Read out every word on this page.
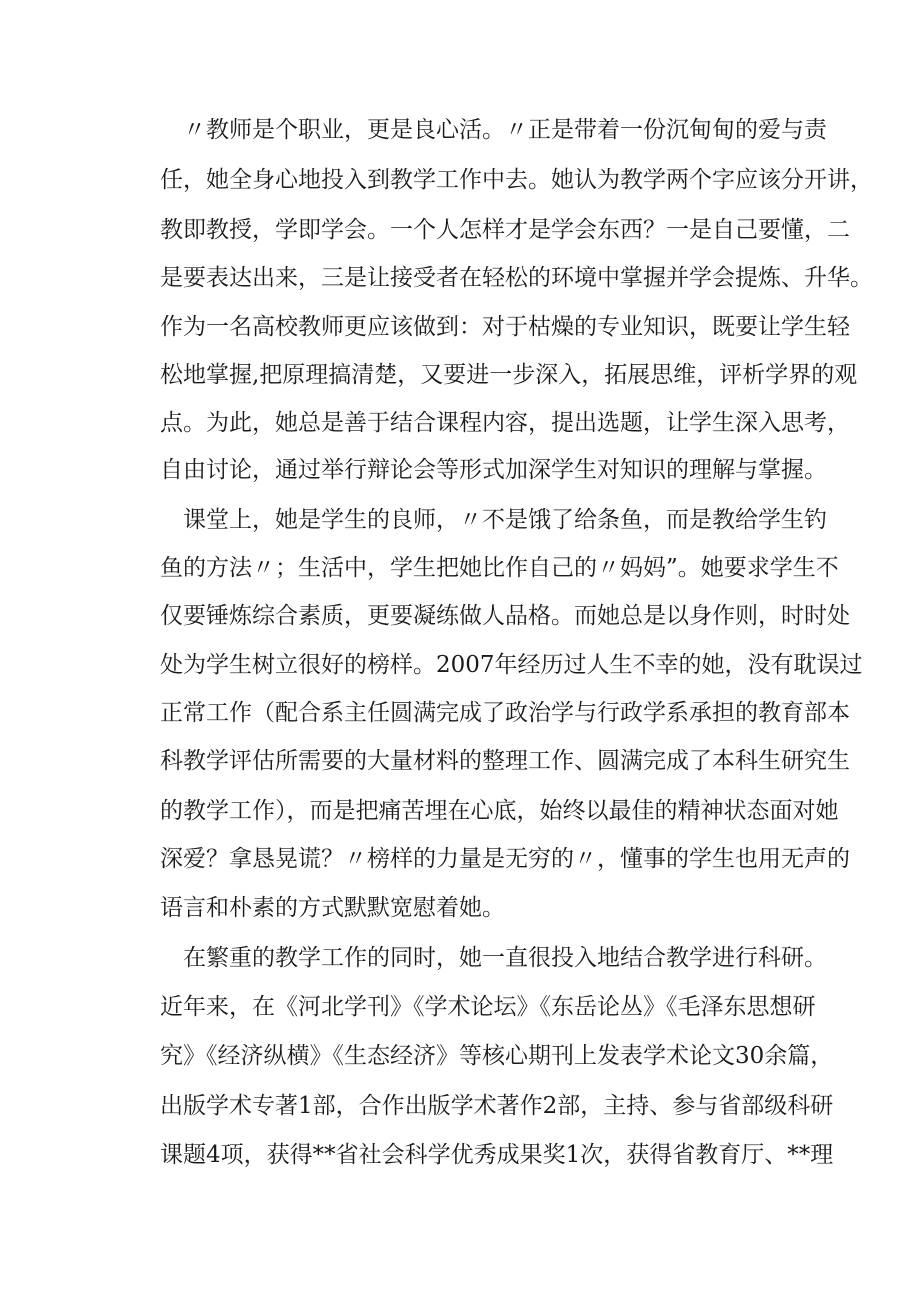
〃教师是个职业，更是良心活。〃正是带着一份沉甸甸的爱与责
任，她全身心地投入到教学工作中去。她认为教学两个字应该分开讲，
教即教授，学即学会。一个人怎样才是学会东西？一是自己要懂，二
是要表达出来，三是让接受者在轻松的环境中掌握并学会提炼、升华。
作为一名高校教师更应该做到：对于枯燥的专业知识，既要让学生轻
松地掌握,把原理搞清楚，又要进一步深入，拓展思维，评析学界的观
点。为此，她总是善于结合课程内容，提出选题，让学生深入思考，
自由讨论，通过举行辩论会等形式加深学生对知识的理解与掌握。
课堂上，她是学生的良师，〃不是饿了给条鱼，而是教给学生钓
鱼的方法〃；生活中，学生把她比作自己的〃妈妈”。她要求学生不
仅要锤炼综合素质，更要凝练做人品格。而她总是以身作则，时时处
处为学生树立很好的榜样。2007年经历过人生不幸的她，没有耽误过
正常工作（配合系主任圆满完成了政治学与行政学系承担的教育部本
科教学评估所需要的大量材料的整理工作、圆满完成了本科生研究生
的教学工作），而是把痛苦埋在心底，始终以最佳的精神状态面对她
深爱？拿恳晃谎？〃榜样的力量是无穷的〃，懂事的学生也用无声的
语言和朴素的方式默默宽慰着她。
在繁重的教学工作的同时，她一直很投入地结合教学进行科研。
近年来，在《河北学刊》《学术论坛》《东岳论丛》《毛泽东思想研
究》《经济纵横》《生态经济》等核心期刊上发表学术论文30余篇，
出版学术专著1部，合作出版学术著作2部，主持、参与省部级科研
课题4项，获得**省社会科学优秀成果奖1次，获得省教育厅、**理
